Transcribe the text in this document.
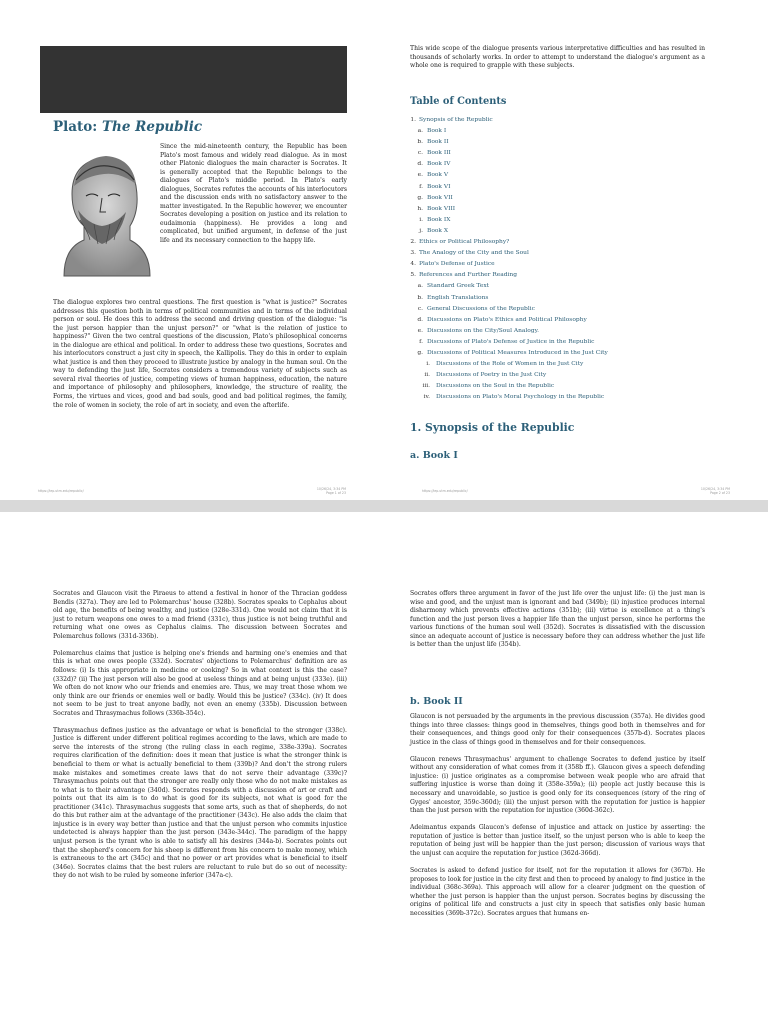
Plato: The Republic
Since the mid-nineteenth century, the Republic has been Plato's most famous and widely read dialogue. As in most other Platonic dialogues the main character is Socrates. It is generally accepted that the Republic belongs to the dialogues of Plato's middle period. In Plato's early dialogues, Socrates refutes the accounts of his interlocutors and the discussion ends with no satisfactory answer to the matter investigated. In the Republic however, we encounter Socrates developing a position on justice and its relation to eudaimonia (happiness). He provides a long and complicated, but unified argument, in defense of the just life and its necessary connection to the happy life.

The dialogue explores two central questions. The first question is "what is justice?" Socrates addresses this question both in terms of political communities and in terms of the individual person or soul. He does this to address the second and driving question of the dialogue: "is the just person happier than the unjust person?" or "what is the relation of justice to happiness?" Given the two central questions of the discussion, Plato's philosophical concerns in the dialogue are ethical and political. In order to address these two questions, Socrates and his interlocutors construct a just city in speech, the Kallipolis. They do this in order to explain what justice is and then they proceed to illustrate justice by analogy in the human soul. On the way to defending the just life, Socrates considers a tremendous variety of subjects such as several rival theories of justice, competing views of human happiness, education, the nature and importance of philosophy and philosophers, knowledge, the structure of reality, the Forms, the virtues and vices, good and bad souls, good and bad political regimes, the family, the role of women in society, the role of art in society, and even the afterlife.

https://iep.utm.edu/republic/	10/26/24, 3:34 PM
Page 1 of 23

This wide scope of the dialogue presents various interpretative difficulties and has resulted in thousands of scholarly works. In order to attempt to understand the dialogue's argument as a whole one is required to grapple with these subjects.

Table of Contents
1. Synopsis of the Republic
a. Book I
b. Book II
c. Book III
d. Book IV
e. Book V
f. Book VI
g. Book VII
h. Book VIII
i. Book IX
j. Book X
2. Ethics or Political Philosophy?
3. The Analogy of the City and the Soul
4. Plato's Defense of Justice
5. References and Further Reading
a. Standard Greek Text
b. English Translations
c. General Discussions of the Republic
d. Discussions on Plato's Ethics and Political Philosophy
e. Discussions on the City/Soul Analogy.
f. Discussions of Plato's Defense of Justice in the Republic
g. Discussions of Political Measures Introduced in the Just City
i. Discussions of the Role of Women in the Just City
ii. Discussions of Poetry in the Just City
iii. Discussions on the Soul in the Republic
iv. Discussions on Plato's Moral Psychology in the Republic
1. Synopsis of the Republic
a. Book I
https://iep.utm.edu/republic/	10/26/24, 3:34 PM
Page 2 of 23

Socrates and Glaucon visit the Piraeus to attend a festival in honor of the Thracian goddess Bendis (327a). They are led to Polemarchus' house (328b). Socrates speaks to Cephalus about old age, the benefits of being wealthy, and justice (328e-331d). One would not claim that it is just to return weapons one owes to a mad friend (331c), thus justice is not being truthful and returning what one owes as Cephalus claims. The discussion between Socrates and Polemarchus follows (331d-336b).

Polemarchus claims that justice is helping one's friends and harming one's enemies and that this is what one owes people (332d). Socrates' objections to Polemarchus' definition are as follows: (i) Is this appropriate in medicine or cooking? So in what context is this the case? (332d)? (ii) The just person will also be good at useless things and at being unjust (333e). (iii) We often do not know who our friends and enemies are. Thus, we may treat those whom we only think are our friends or enemies well or badly. Would this be justice? (334c). (iv) It does not seem to be just to treat anyone badly, not even an enemy (335b). Discussion between Socrates and Thrasymachus follows (336b-354c).

Thrasymachus defines justice as the advantage or what is beneficial to the stronger (338c). Justice is different under different political regimes according to the laws, which are made to serve the interests of the strong (the ruling class in each regime, 338e-339a). Socrates requires clarification of the definition: does it mean that justice is what the stronger think is beneficial to them or what is actually beneficial to them (339b)? And don't the strong rulers make mistakes and sometimes create laws that do not serve their advantage (339c)? Thrasymachus points out that the stronger are really only those who do not make mistakes as to what is to their advantage (340d). Socrates responds with a discussion of art or craft and points out that its aim is to do what is good for its subjects, not what is good for the practitioner (341c). Thrasymachus suggests that some arts, such as that of shepherds, do not do this but rather aim at the advantage of the practitioner (343c). He also adds the claim that injustice is in every way better than justice and that the unjust person who commits injustice undetected is always happier than the just person (343e-344c). The paradigm of the happy unjust person is the tyrant who is able to satisfy all his desires (344a-b). Socrates points out that the shepherd's concern for his sheep is different from his concern to make money, which is extraneous to the art (345c) and that no power or art provides what is beneficial to itself (346e). Socrates claims that the best rulers are reluctant to rule but do so out of necessity: they do not wish to be ruled by someone inferior (347a-c).

Socrates offers three argument in favor of the just life over the unjust life: (i) the just man is wise and good, and the unjust man is ignorant and bad (349b); (ii) injustice produces internal disharmony which prevents effective actions (351b); (iii) virtue is excellence at a thing's function and the just person lives a happier life than the unjust person, since he performs the various functions of the human soul well (352d). Socrates is dissatisfied with the discussion since an adequate account of justice is necessary before they can address whether the just life is better than the unjust life (354b).

b. Book II

Glaucon is not persuaded by the arguments in the previous discussion (357a). He divides good things into three classes: things good in themselves, things good both in themselves and for their consequences, and things good only for their consequences (357b-d). Socrates places justice in the class of things good in themselves and for their consequences.

Glaucon renews Thrasymachus' argument to challenge Socrates to defend justice by itself without any consideration of what comes from it (358b ff.). Glaucon gives a speech defending injustice: (i) justice originates as a compromise between weak people who are afraid that suffering injustice is worse than doing it (358e-359a); (ii) people act justly because this is necessary and unavoidable, so justice is good only for its consequences (story of the ring of Gyges' ancestor, 359c-360d); (iii) the unjust person with the reputation for justice is happier than the just person with the reputation for injustice (360d-362c).

Adeimantus expands Glaucon's defense of injustice and attack on justice by asserting: the reputation of justice is better than justice itself, so the unjust person who is able to keep the reputation of being just will be happier than the just person; discussion of various ways that the unjust can acquire the reputation for justice (362d-366d).

Socrates is asked to defend justice for itself, not for the reputation it allows for (367b). He proposes to look for justice in the city first and then to proceed by analogy to find justice in the individual (368c-369a). This approach will allow for a clearer judgment on the question of whether the just person is happier than the unjust person. Socrates begins by discussing the origins of political life and constructs a just city in speech that satisfies only basic human necessities (369b-372c). Socrates argues that humans en-
